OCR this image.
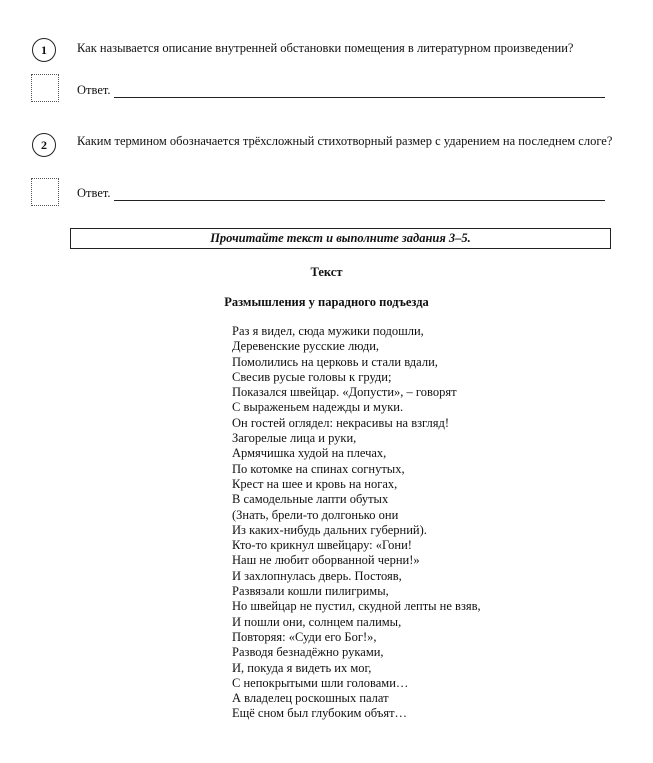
1 Как называется описание внутренней обстановки помещения в литературном произведении?
Ответ.
2 Каким термином обозначается трёхсложный стихотворный размер с ударением на последнем слоге?
Ответ.
Прочитайте текст и выполните задания 3–5.
Текст
Размышления у парадного подъезда
Раз я видел, сюда мужики подошли,
Деревенские русские люди,
Помолились на церковь и стали вдали,
Свесив русые головы к груди;
Показался швейцар. «Допусти», – говорят
С выраженьем надежды и муки.
Он гостей оглядел: некрасивы на взгляд!
Загорелые лица и руки,
Армячишка худой на плечах,
По котомке на спинах согнутых,
Крест на шее и кровь на ногах,
В самодельные лапти обутых
(Знать, брели-то долгонько они
Из каких-нибудь дальних губерний).
Кто-то крикнул швейцару: «Гони!
Наш не любит оборванной черни!»
И захлопнулась дверь. Постояв,
Развязали кошли пилигримы,
Но швейцар не пустил, скудной лепты не взяв,
И пошли они, солнцем палимы,
Повторяя: «Суди его Бог!»,
Разводя безнадёжно руками,
И, покуда я видеть их мог,
С непокрытыми шли головами…
А владелец роскошных палат
Ещё сном был глубоким объят…
